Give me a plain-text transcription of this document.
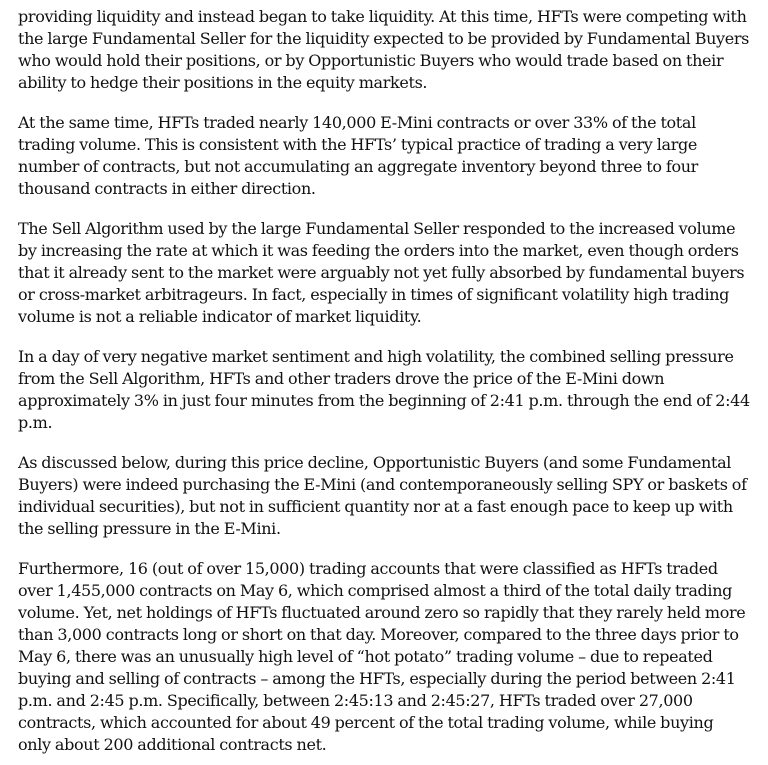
providing liquidity and instead began to take liquidity. At this time, HFTs were competing with the large Fundamental Seller for the liquidity expected to be provided by Fundamental Buyers who would hold their positions, or by Opportunistic Buyers who would trade based on their ability to hedge their positions in the equity markets.

At the same time, HFTs traded nearly 140,000 E-Mini contracts or over 33% of the total trading volume. This is consistent with the HFTs’ typical practice of trading a very large number of contracts, but not accumulating an aggregate inventory beyond three to four thousand contracts in either direction.

The Sell Algorithm used by the large Fundamental Seller responded to the increased volume by increasing the rate at which it was feeding the orders into the market, even though orders that it already sent to the market were arguably not yet fully absorbed by fundamental buyers or cross-market arbitrageurs. In fact, especially in times of significant volatility high trading volume is not a reliable indicator of market liquidity.

In a day of very negative market sentiment and high volatility, the combined selling pressure from the Sell Algorithm, HFTs and other traders drove the price of the E-Mini down approximately 3% in just four minutes from the beginning of 2:41 p.m. through the end of 2:44 p.m.

As discussed below, during this price decline, Opportunistic Buyers (and some Fundamental Buyers) were indeed purchasing the E-Mini (and contemporaneously selling SPY or baskets of individual securities), but not in sufficient quantity nor at a fast enough pace to keep up with the selling pressure in the E-Mini.

Furthermore, 16 (out of over 15,000) trading accounts that were classified as HFTs traded over 1,455,000 contracts on May 6, which comprised almost a third of the total daily trading volume. Yet, net holdings of HFTs fluctuated around zero so rapidly that they rarely held more than 3,000 contracts long or short on that day. Moreover, compared to the three days prior to May 6, there was an unusually high level of “hot potato” trading volume – due to repeated buying and selling of contracts – among the HFTs, especially during the period between 2:41 p.m. and 2:45 p.m. Specifically, between 2:45:13 and 2:45:27, HFTs traded over 27,000 contracts, which accounted for about 49 percent of the total trading volume, while buying only about 200 additional contracts net.
